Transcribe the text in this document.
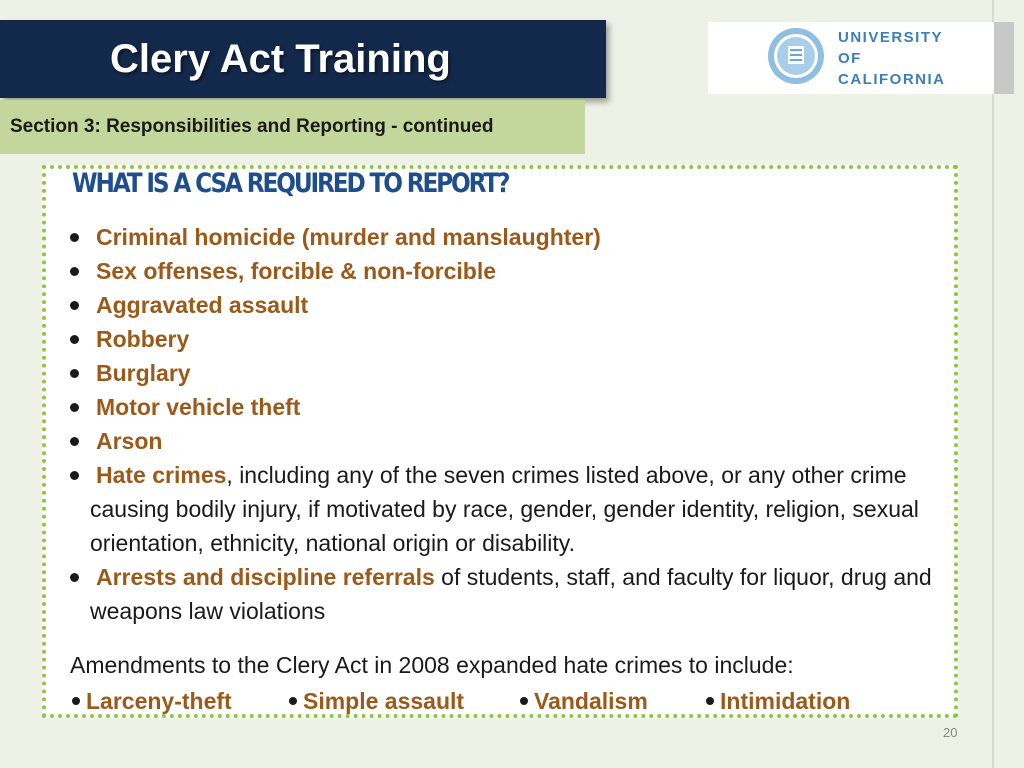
Clery Act Training
Section 3: Responsibilities and Reporting - continued
UNIVERSITY
OF
CALIFORNIA
WHAT IS A CSA REQUIRED TO REPORT?
Criminal homicide (murder and manslaughter)
Sex offenses, forcible & non-forcible
Aggravated assault
Robbery
Burglary
Motor vehicle theft
Arson
Hate crimes, including any of the seven crimes listed above, or any other crime causing bodily injury, if motivated by race, gender, gender identity, religion, sexual orientation, ethnicity, national origin or disability.
Arrests and discipline referrals of students, staff, and faculty for liquor, drug and weapons law violations
Amendments to the Clery Act in 2008 expanded hate crimes to include:
Larceny-theft	Simple assault	Vandalism	Intimidation
20
